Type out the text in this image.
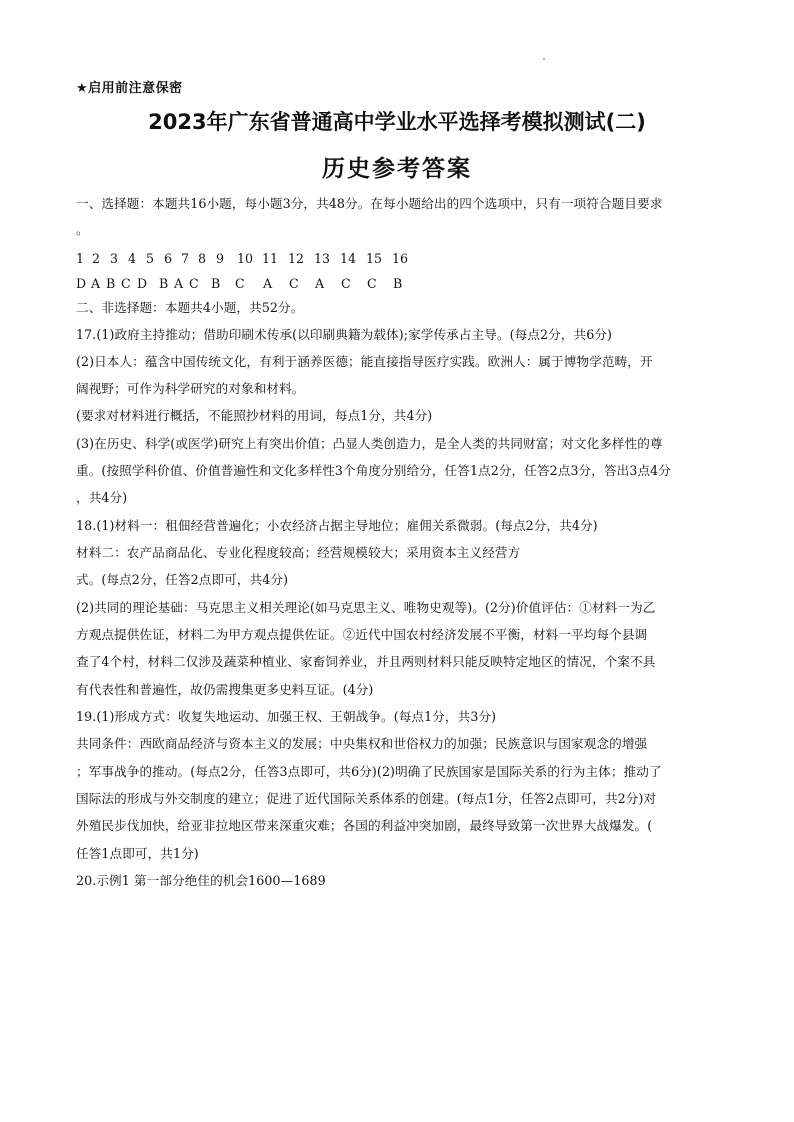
★启用前注意保密
2023年广东省普通高中学业水平选择考模拟测试(二)
历史参考答案
一、选择题：本题共16小题，每小题3分，共48分。在每小题给出的四个选项中，只有一项符合题目要求
。
1 2 3 4 5 6 7 8 9	10 11 12 13 14 15 16
D A B C D B A C B	C	A	C	A	C	C	B
二、非选择题：本题共4小题，共52分。
17.(1)政府主持推动；借助印刷术传承(以印刷典籍为载体);家学传承占主导。(每点2分，共6分)
(2)日本人：蕴含中国传统文化，有利于涵养医德；能直接指导医疗实践。欧洲人：属于博物学范畴，开
阔视野；可作为科学研究的对象和材料。
(要求对材料进行概括，不能照抄材料的用词，每点1分，共4分)
(3)在历史、科学(或医学)研究上有突出价值；凸显人类创造力，是全人类的共同财富；对文化多样性的尊
重。(按照学科价值、价值普遍性和文化多样性3个角度分别给分，任答1点2分，任答2点3分，答出3点4分
，共4分)
18.(1)材料一：租佃经营普遍化；小农经济占据主导地位；雇佣关系微弱。(每点2分，共4分)
材料二：农产品商品化、专业化程度较高；经营规模较大；采用资本主义经营方
式。(每点2分，任答2点即可，共4分)
(2)共同的理论基础：马克思主义相关理论(如马克思主义、唯物史观等)。(2分)价值评估：①材料一为乙
方观点提供佐证，材料二为甲方观点提供佐证。②近代中国农村经济发展不平衡，材料一平均每个县调
查了4个村，材料二仅涉及蔬菜种植业、家畜饲养业，并且两则材料只能反映特定地区的情况，个案不具
有代表性和普遍性，故仍需搜集更多史料互证。(4分)
19.(1)形成方式：收复失地运动、加强王权、王朝战争。(每点1分，共3分)
共同条件：西欧商品经济与资本主义的发展；中央集权和世俗权力的加强；民族意识与国家观念的增强
；军事战争的推动。(每点2分，任答3点即可，共6分)(2)明确了民族国家是国际关系的行为主体；推动了
国际法的形成与外交制度的建立；促进了近代国际关系体系的创建。(每点1分，任答2点即可，共2分)对
外殖民步伐加快，给亚非拉地区带来深重灾难；各国的利益冲突加剧，最终导致第一次世界大战爆发。(
任答1点即可，共1分)
20.示例1 第一部分绝佳的机会1600—1689
